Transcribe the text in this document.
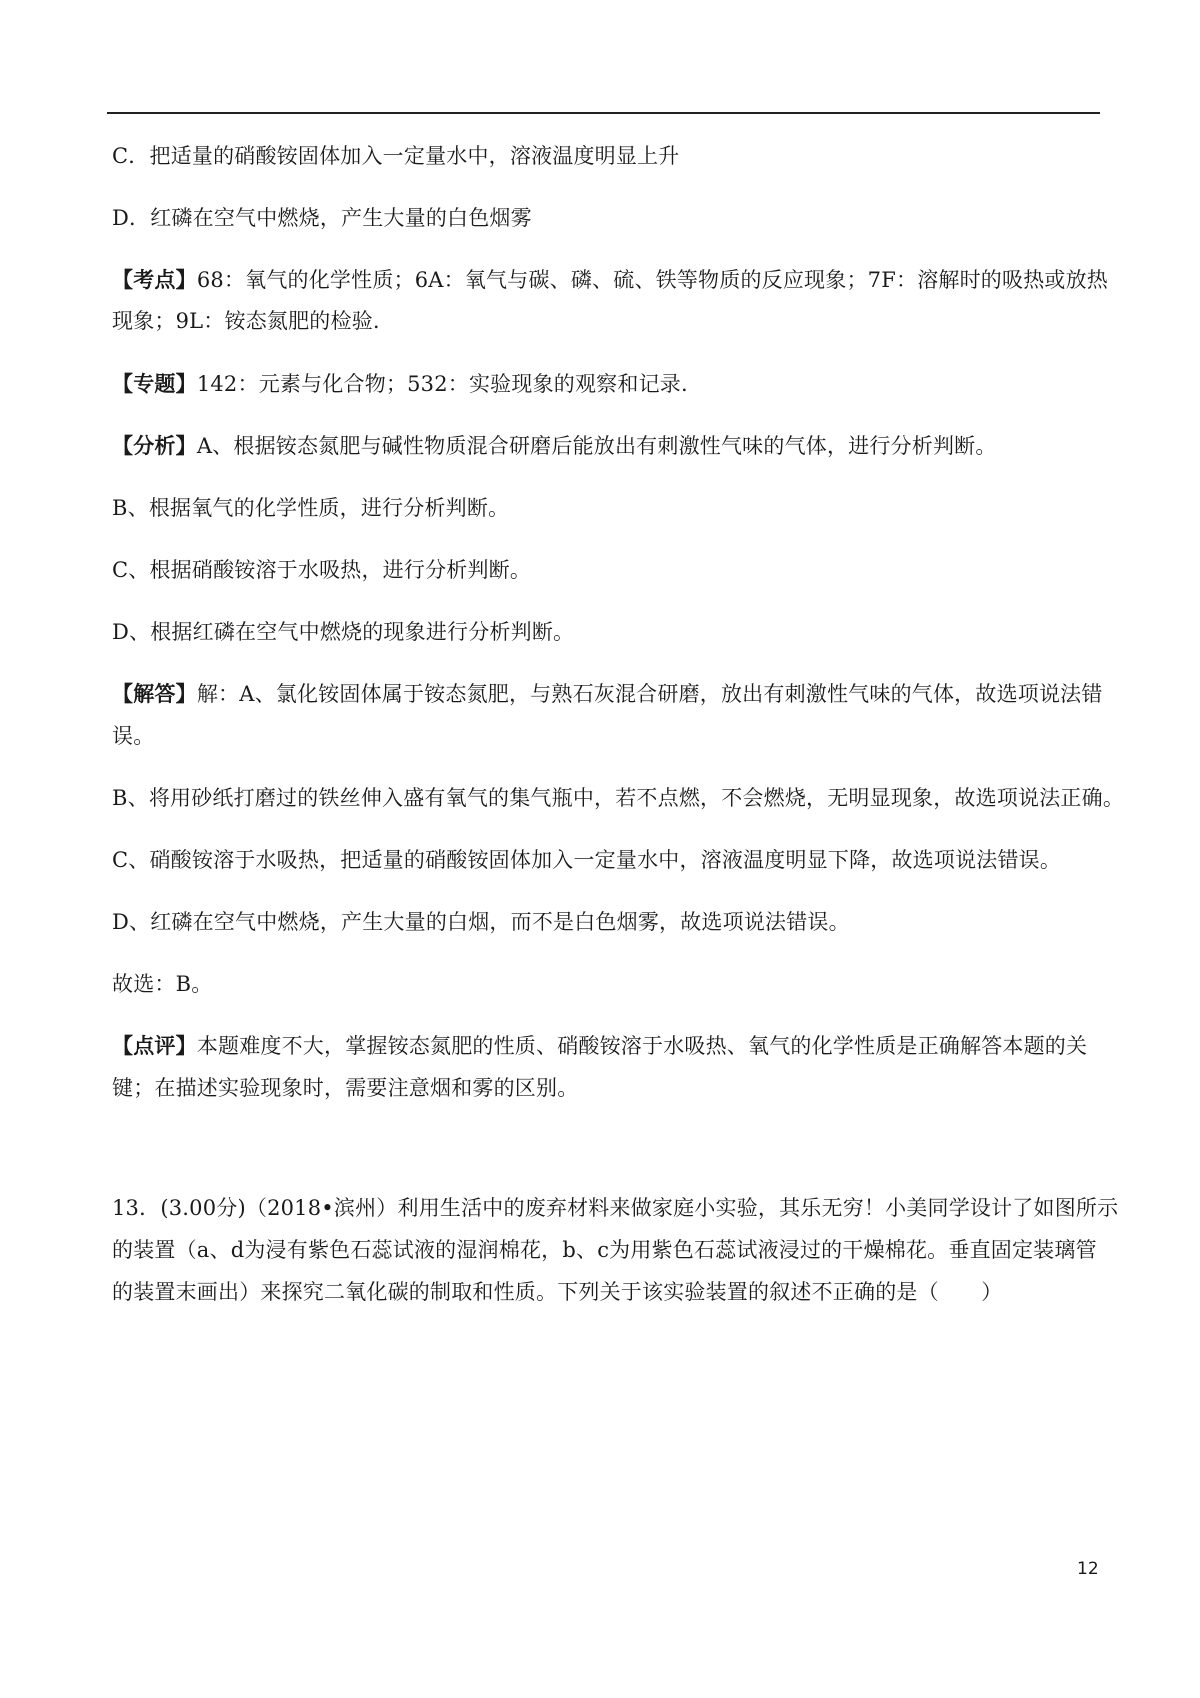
C．把适量的硝酸铵固体加入一定量水中，溶液温度明显上升
D．红磷在空气中燃烧，产生大量的白色烟雾
【考点】68：氧气的化学性质；6A：氧气与碳、磷、硫、铁等物质的反应现象；7F：溶解时的吸热或放热
现象；9L：铵态氮肥的检验.
【专题】142：元素与化合物；532：实验现象的观察和记录.
【分析】A、根据铵态氮肥与碱性物质混合研磨后能放出有刺激性气味的气体，进行分析判断。
B、根据氧气的化学性质，进行分析判断。
C、根据硝酸铵溶于水吸热，进行分析判断。
D、根据红磷在空气中燃烧的现象进行分析判断。
【解答】解：A、氯化铵固体属于铵态氮肥，与熟石灰混合研磨，放出有刺激性气味的气体，故选项说法错
误。
B、将用砂纸打磨过的铁丝伸入盛有氧气的集气瓶中，若不点燃，不会燃烧，无明显现象，故选项说法正确。
C、硝酸铵溶于水吸热，把适量的硝酸铵固体加入一定量水中，溶液温度明显下降，故选项说法错误。
D、红磷在空气中燃烧，产生大量的白烟，而不是白色烟雾，故选项说法错误。
故选：B。
【点评】本题难度不大，掌握铵态氮肥的性质、硝酸铵溶于水吸热、氧气的化学性质是正确解答本题的关
键；在描述实验现象时，需要注意烟和雾的区别。
13．(3.00分)（2018•滨州）利用生活中的废弃材料来做家庭小实验，其乐无穷！小美同学设计了如图所示
的装置（a、d为浸有紫色石蕊试液的湿润棉花，b、c为用紫色石蕊试液浸过的干燥棉花。垂直固定装璃管
的装置末画出）来探究二氧化碳的制取和性质。下列关于该实验装置的叙述不正确的是（　　）
12
